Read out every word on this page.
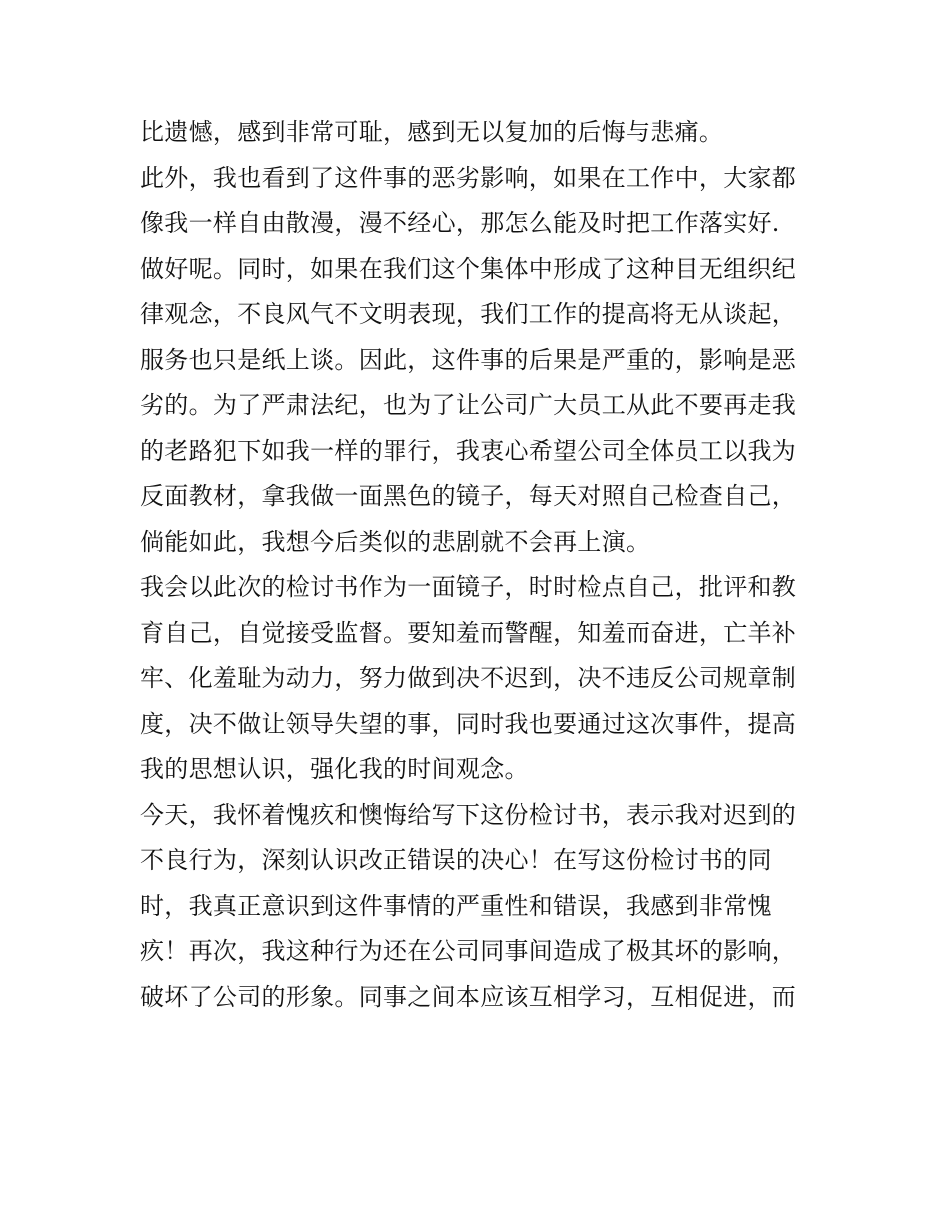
比遗憾，感到非常可耻，感到无以复加的后悔与悲痛。
此外，我也看到了这件事的恶劣影响，如果在工作中，大家都
像我一样自由散漫，漫不经心，那怎么能及时把工作落实好.
做好呢。同时，如果在我们这个集体中形成了这种目无组织纪
律观念，不良风气不文明表现，我们工作的提高将无从谈起，
服务也只是纸上谈。因此，这件事的后果是严重的，影响是恶
劣的。为了严肃法纪，也为了让公司广大员工从此不要再走我
的老路犯下如我一样的罪行，我衷心希望公司全体员工以我为
反面教材，拿我做一面黑色的镜子，每天对照自己检查自己，
倘能如此，我想今后类似的悲剧就不会再上演。
我会以此次的检讨书作为一面镜子，时时检点自己，批评和教
育自己，自觉接受监督。要知羞而警醒，知羞而奋进，亡羊补
牢、化羞耻为动力，努力做到决不迟到，决不违反公司规章制
度，决不做让领导失望的事，同时我也要通过这次事件，提高
我的思想认识，强化我的时间观念。
今天，我怀着愧疚和懊悔给写下这份检讨书，表示我对迟到的
不良行为，深刻认识改正错误的决心！在写这份检讨书的同
时，我真正意识到这件事情的严重性和错误，我感到非常愧
疚！再次，我这种行为还在公司同事间造成了极其坏的影响，
破坏了公司的形象。同事之间本应该互相学习，互相促进，而
